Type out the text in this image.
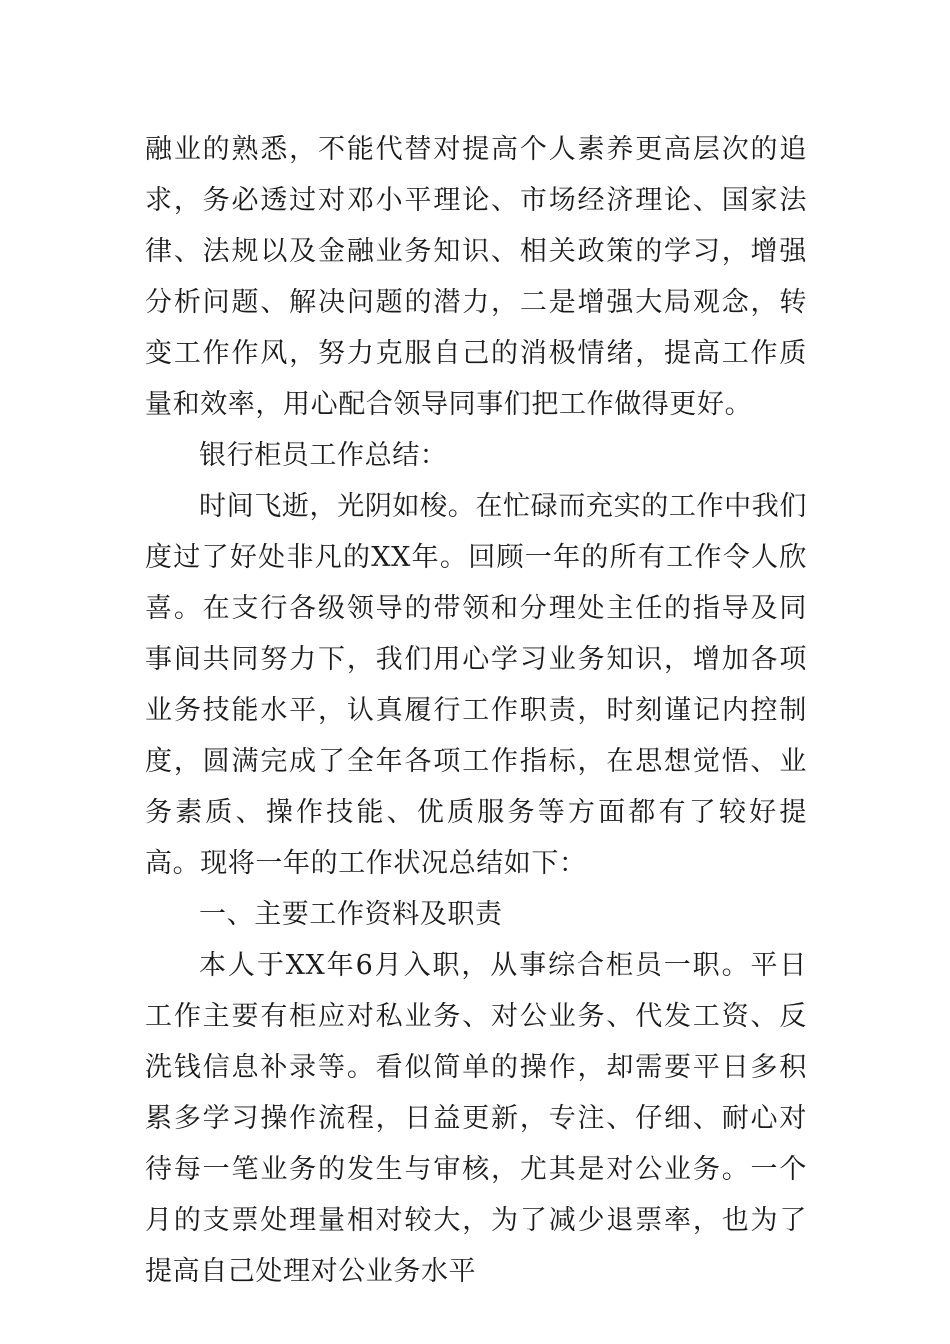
融业的熟悉，不能代替对提高个人素养更高层次的追求，务必透过对邓小平理论、市场经济理论、国家法律、法规以及金融业务知识、相关政策的学习，增强分析问题、解决问题的潜力，二是增强大局观念，转变工作作风，努力克服自己的消极情绪，提高工作质量和效率，用心配合领导同事们把工作做得更好。

银行柜员工作总结：

时间飞逝，光阴如梭。在忙碌而充实的工作中我们度过了好处非凡的XX年。回顾一年的所有工作令人欣喜。在支行各级领导的带领和分理处主任的指导及同事间共同努力下，我们用心学习业务知识，增加各项业务技能水平，认真履行工作职责，时刻谨记内控制度，圆满完成了全年各项工作指标，在思想觉悟、业务素质、操作技能、优质服务等方面都有了较好提高。现将一年的工作状况总结如下：

一、主要工作资料及职责

本人于XX年6月入职，从事综合柜员一职。平日工作主要有柜应对私业务、对公业务、代发工资、反洗钱信息补录等。看似简单的操作，却需要平日多积累多学习操作流程，日益更新，专注、仔细、耐心对待每一笔业务的发生与审核，尤其是对公业务。一个月的支票处理量相对较大，为了减少退票率，也为了提高自己处理对公业务水平
